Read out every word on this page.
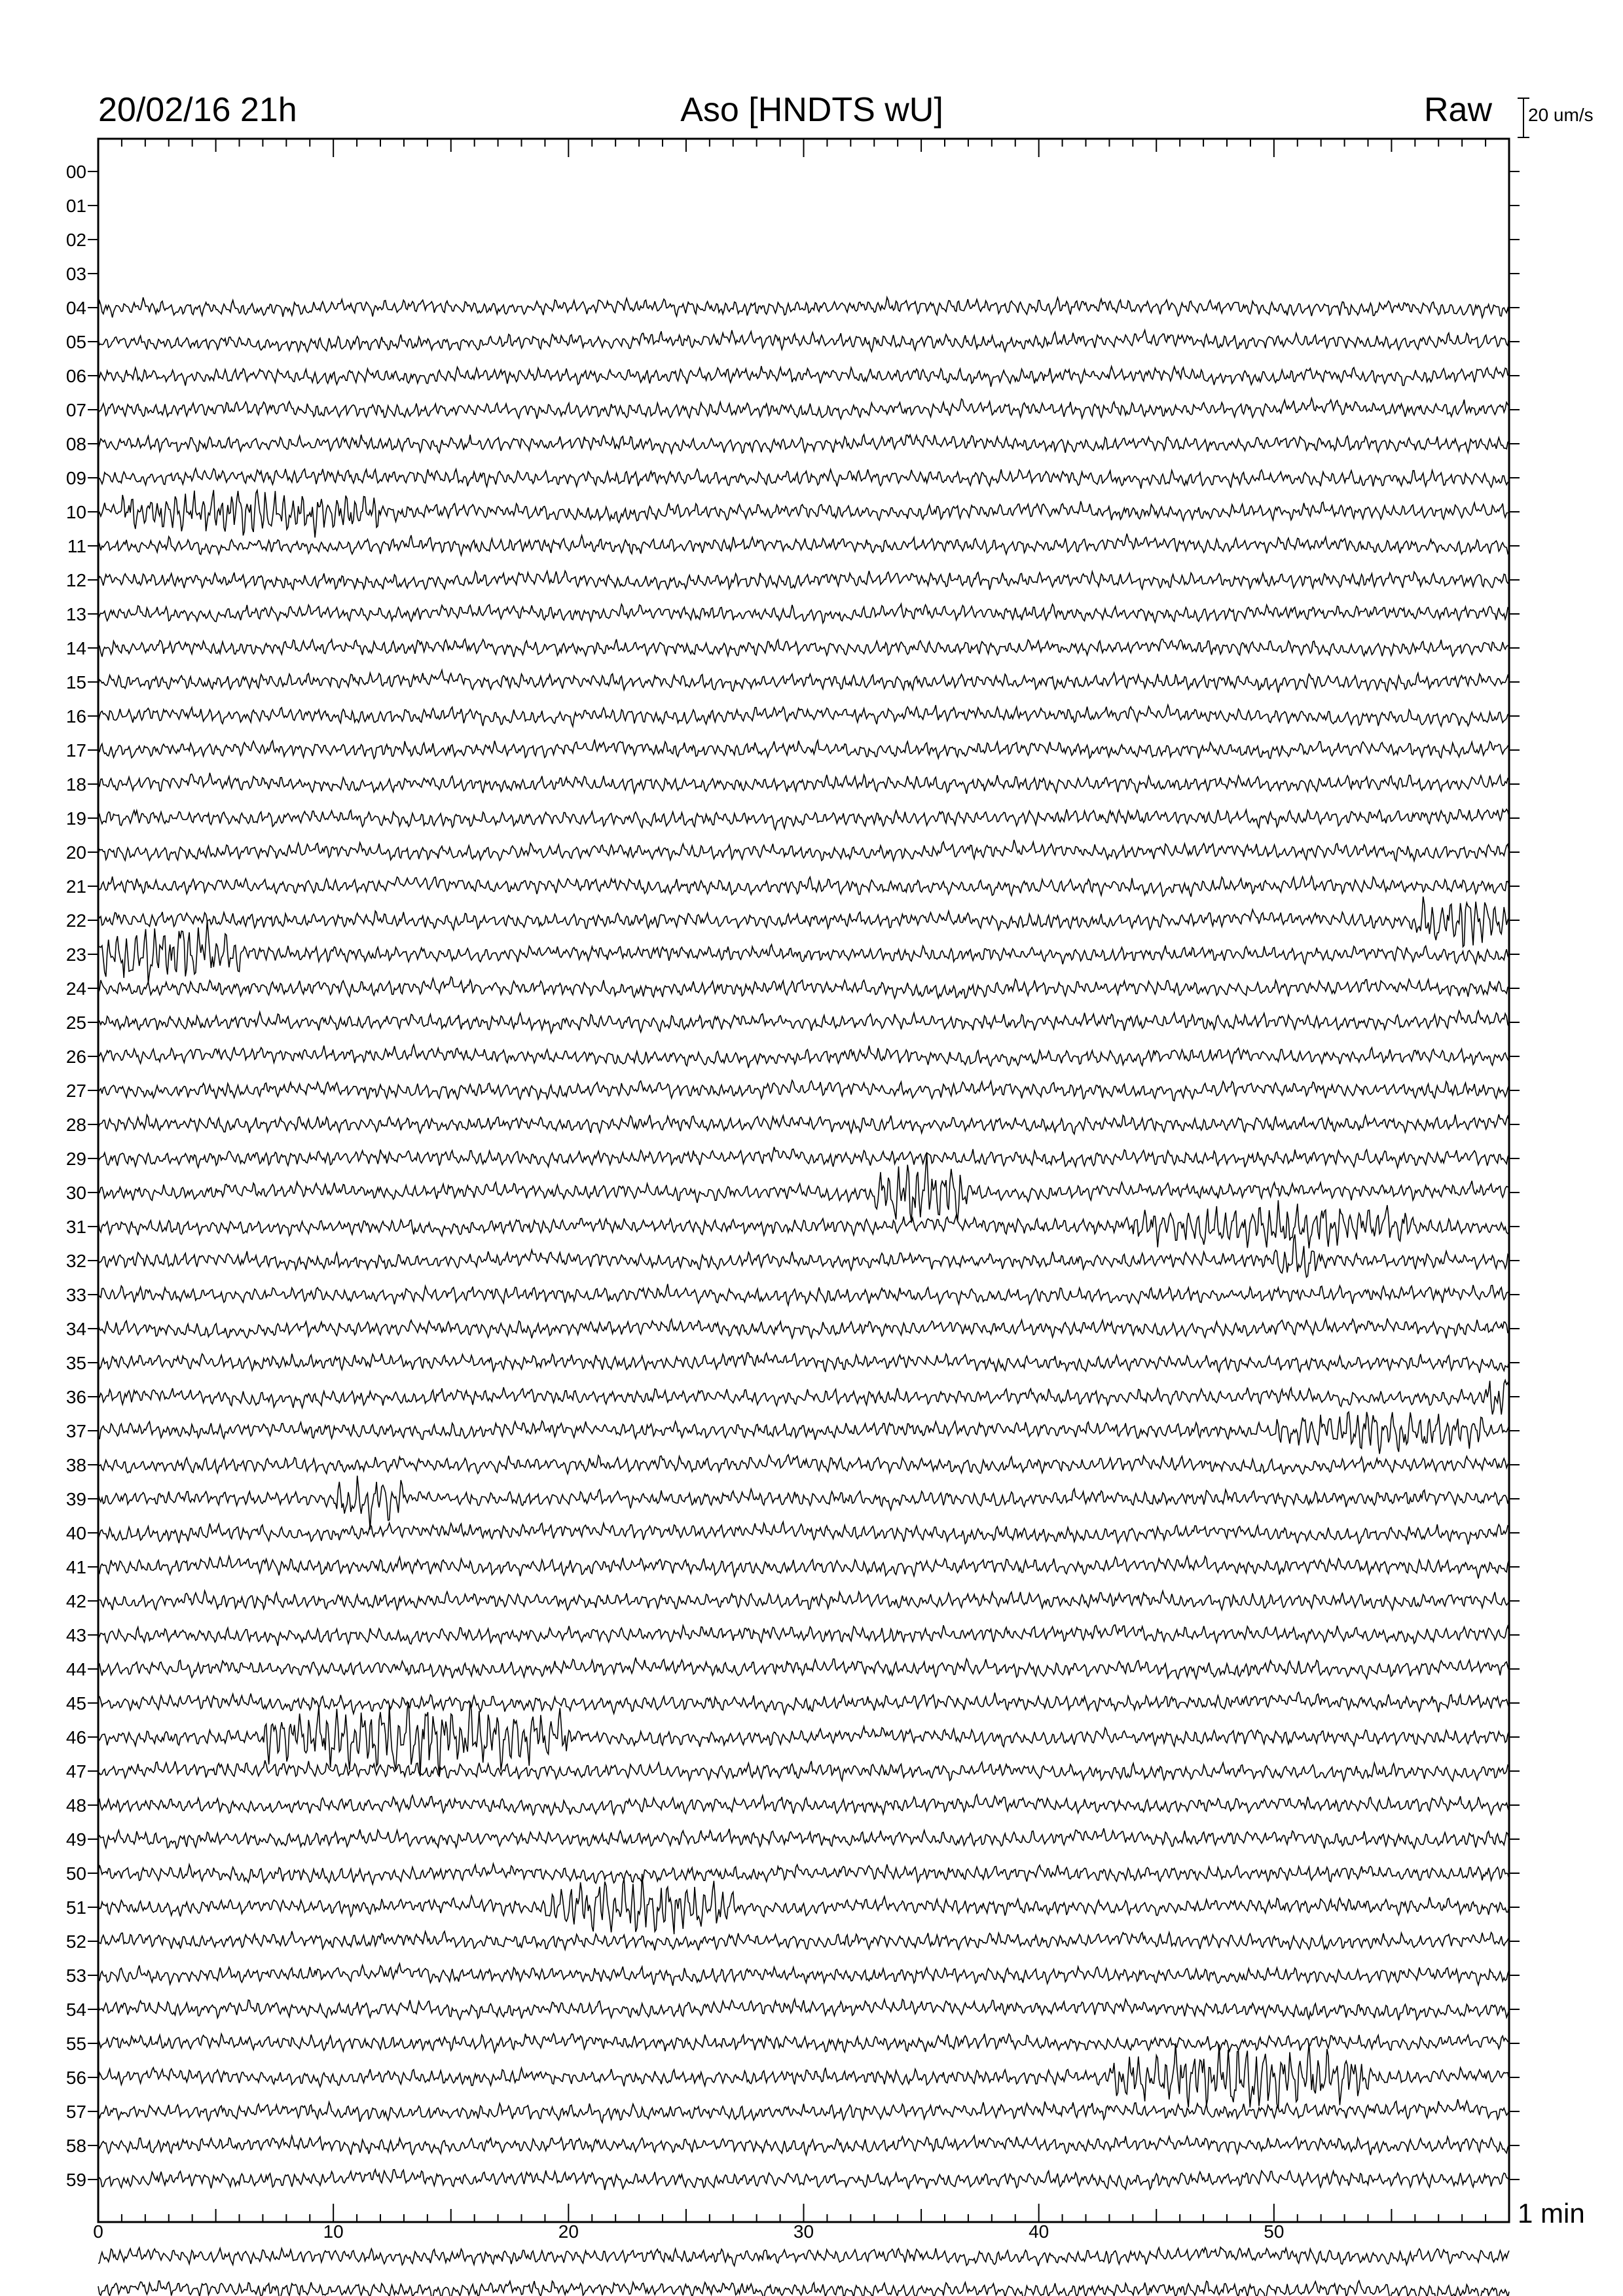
20/02/16 21h	Aso [HNDTS wU]	Raw 20 um/s
1 min
00
01
02
03
04
05
06
07
08
09
10
11
12
13
14
15
16
17
18
19
20
21
22
23
24
25
26
27
28
29
30
31
32
33
34
35
36
37
38
39
40
41
42
43
44
45
46
47
48
49
50
51
52
53
54
55
56
57
58
59
0	10	20	30	40	50
